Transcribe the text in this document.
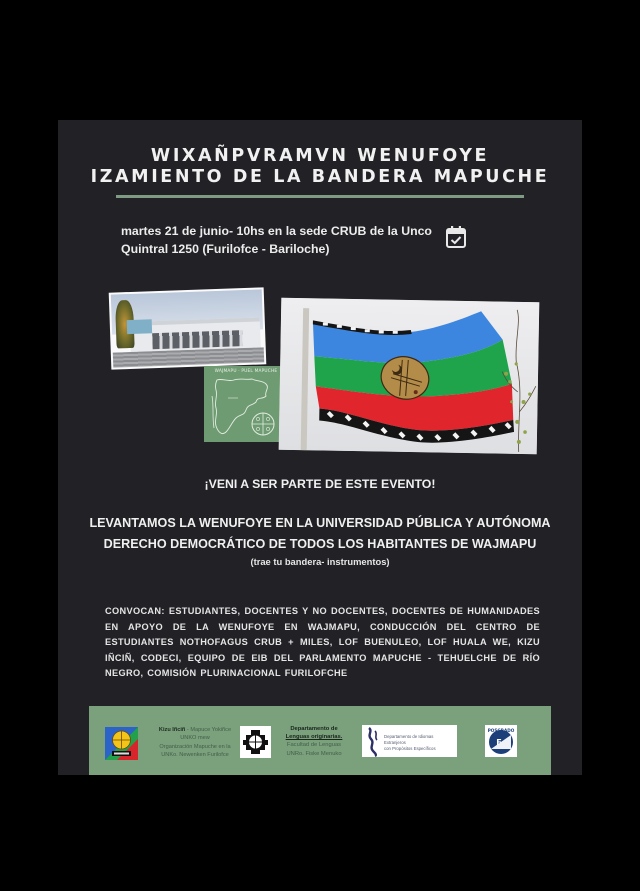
WIXAÑPVRAMVN WENUFOYE
IZAMIENTO DE LA BANDERA MAPUCHE
martes 21 de junio- 10hs en la sede CRUB de la Unco
Quintral 1250 (Furilofce - Bariloche)
WAJMAPU · PUEL MAPUCHE
¡VENI A SER PARTE DE ESTE EVENTO!
LEVANTAMOS LA WENUFOYE EN LA UNIVERSIDAD PÚBLICA Y AUTÓNOMA
DERECHO DEMOCRÁTICO DE TODOS LOS HABITANTES DE WAJMAPU
(trae tu bandera- instrumentos)
CONVOCAN: ESTUDIANTES, DOCENTES Y NO DOCENTES, DOCENTES DE HUMANIDADES EN APOYO DE LA WENUFOYE EN WAJMAPU, CONDUCCIÓN DEL CENTRO DE ESTUDIANTES NOTHOFAGUS CRUB + MILES, LOF BUENULEO, LOF HUALA WE, KIZU IÑCIÑ, CODECI, EQUIPO DE EIB DEL PARLAMENTO MAPUCHE - TEHUELCHE DE RÍO NEGRO, COMISIÓN PLURINACIONAL FURILOFCHE
Kizu Iñciñ - Mapuce Yokiñce
UNKO mew
Organización Mapuche en la
UNKo. Newenken Furilofce
Departamento de
Lenguas originarias.
Facultad de Lenguas
UNRo. Fiske Menuko
Departamento de Idiomas Extranjeros
con Propósitos Específicos
POSGRADO
F
